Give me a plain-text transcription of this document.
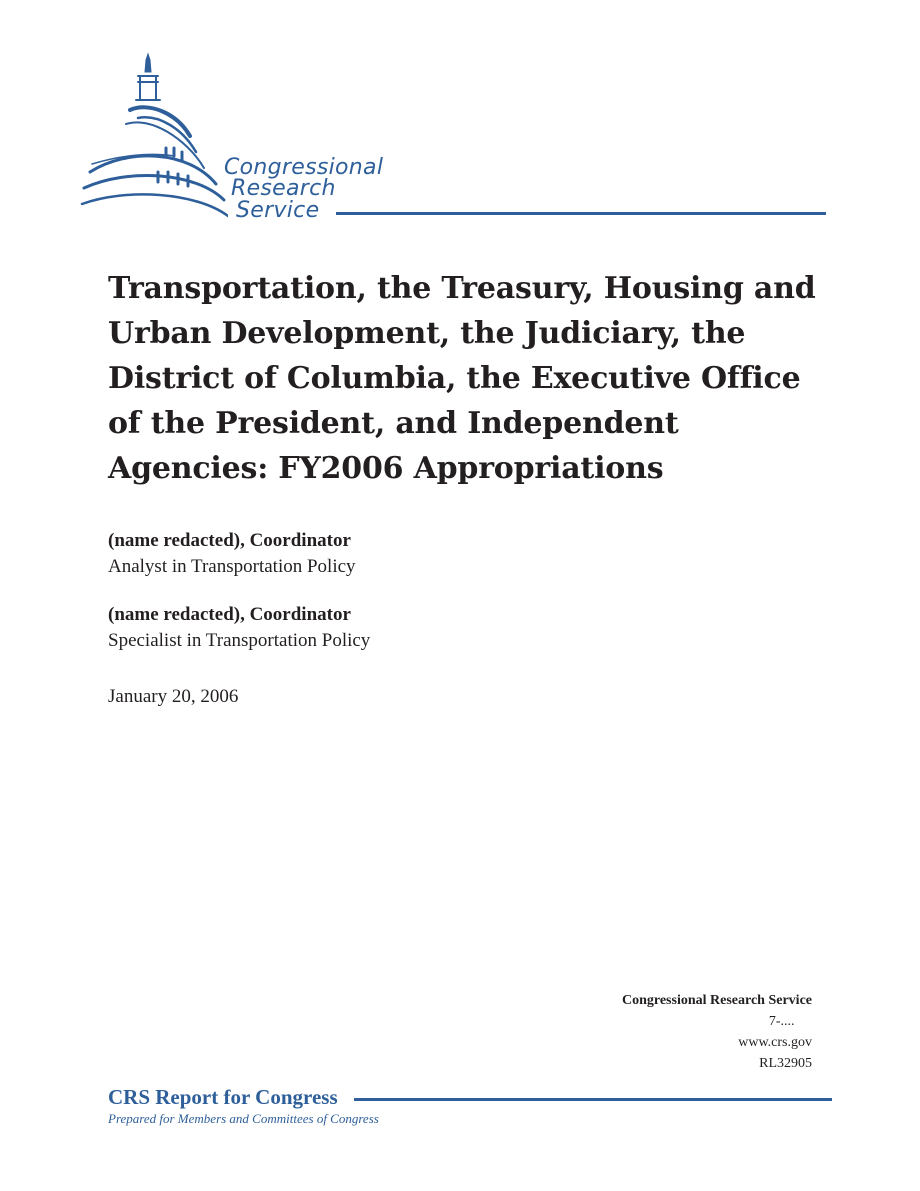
Congressional
Research
Service
Transportation, the Treasury, Housing and Urban Development, the Judiciary, the District of Columbia, the Executive Office of the President, and Independent Agencies: FY2006 Appropriations
(name redacted), Coordinator
Analyst in Transportation Policy
(name redacted), Coordinator
Specialist in Transportation Policy
January 20, 2006
Congressional Research Service
7-....
www.crs.gov
RL32905
CRS Report for Congress
Prepared for Members and Committees of Congress
